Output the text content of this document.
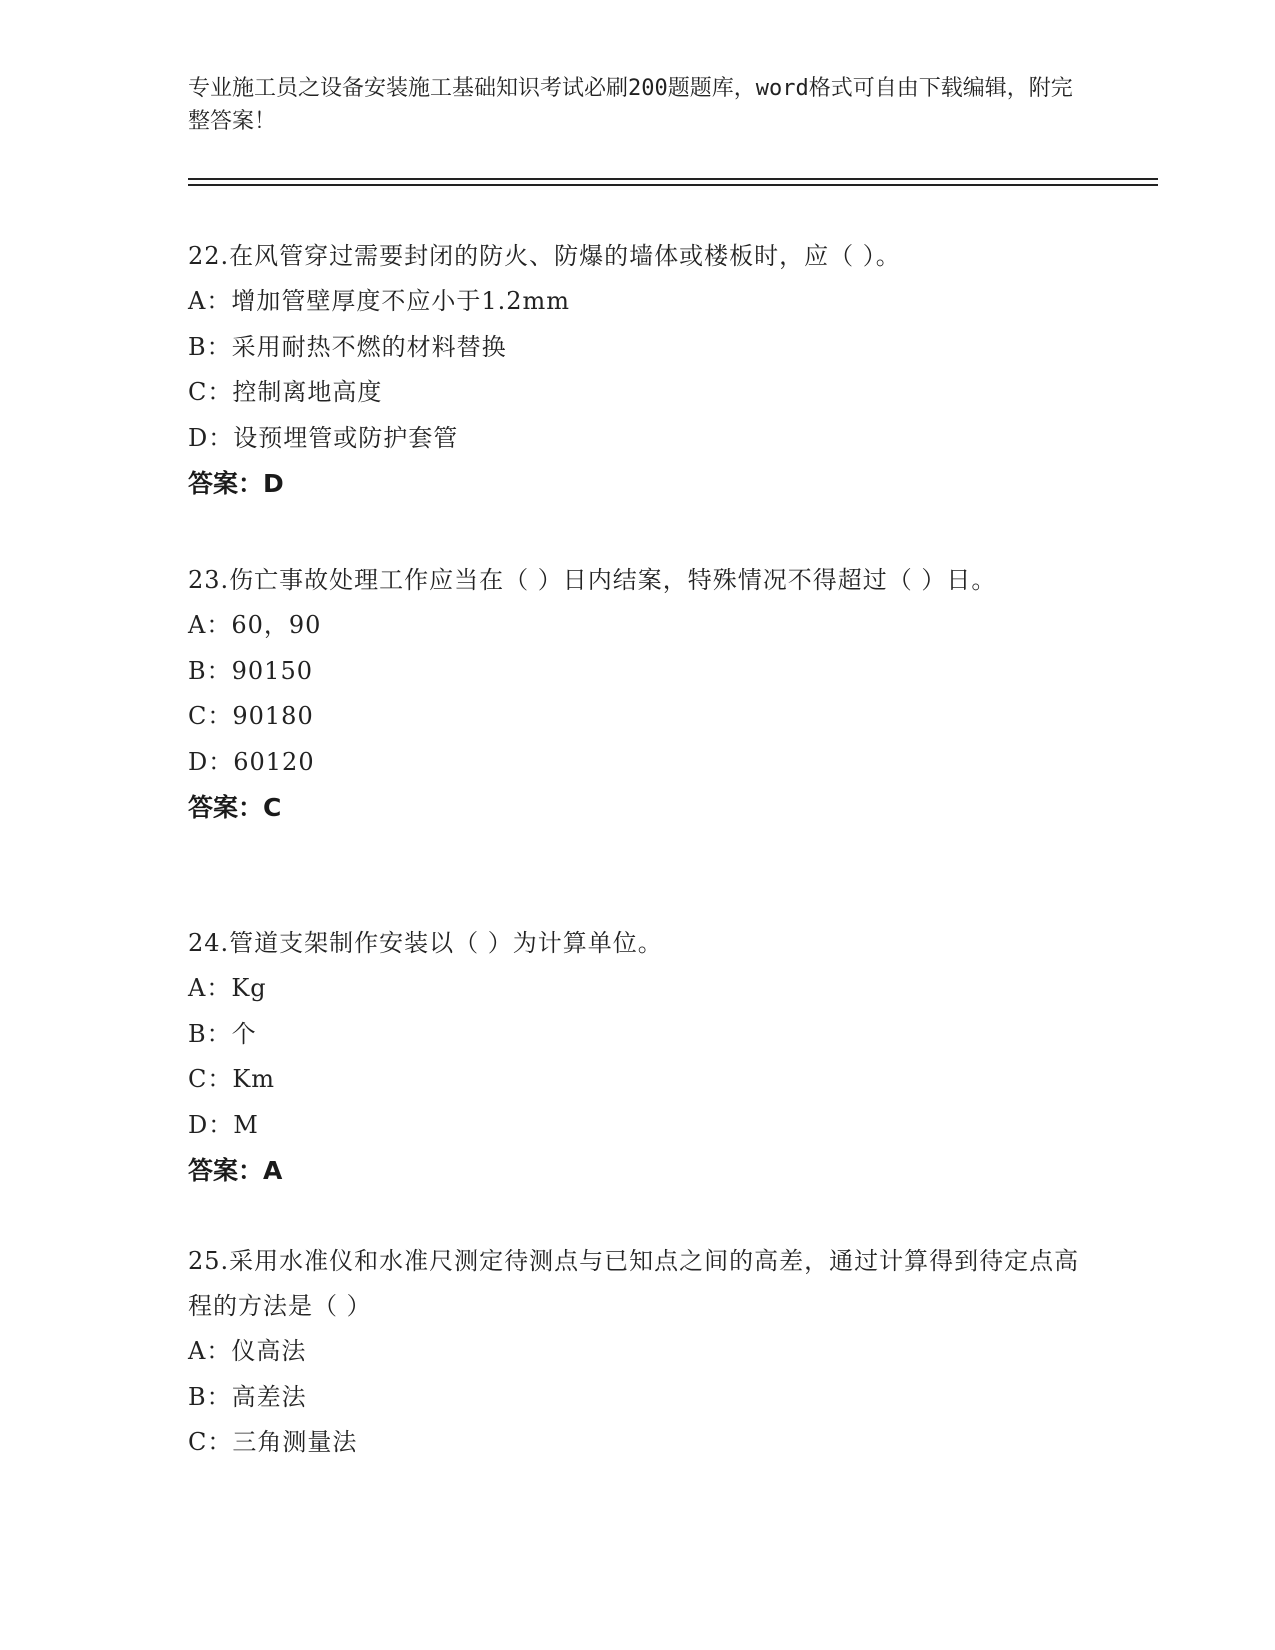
专业施工员之设备安装施工基础知识考试必刷200题题库，word格式可自由下载编辑，附完整答案！
22.在风管穿过需要封闭的防火、防爆的墙体或楼板时，应（ ）。
A：增加管壁厚度不应小于1.2mm
B：采用耐热不燃的材料替换
C：控制离地高度
D：设预埋管或防护套管
答案：D
23.伤亡事故处理工作应当在（ ）日内结案，特殊情况不得超过（ ）日。
A：60，90
B：90150
C：90180
D：60120
答案：C
24.管道支架制作安装以（ ）为计算单位。
A：Kg
B：个
C：Km
D：M
答案：A
25.采用水准仪和水准尺测定待测点与已知点之间的高差，通过计算得到待定点高程的方法是（ ）
A：仪高法
B：高差法
C：三角测量法
